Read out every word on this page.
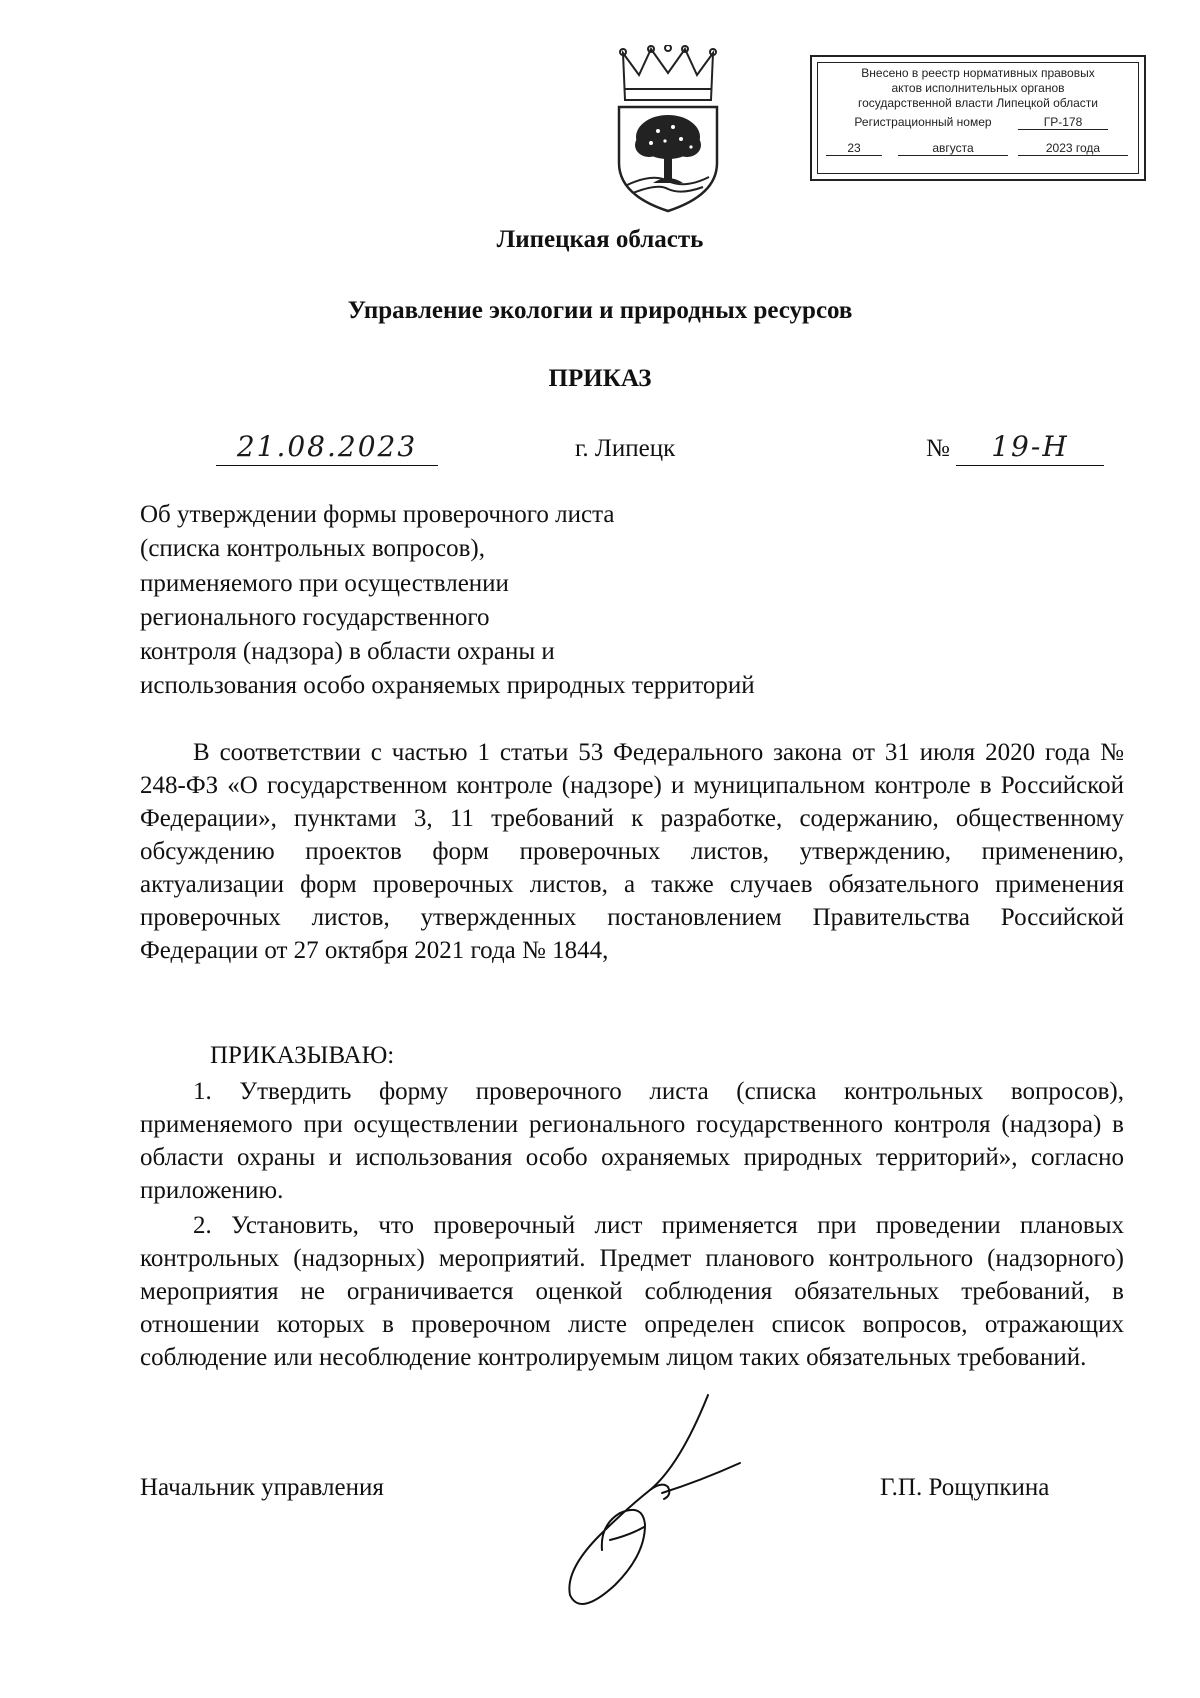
Внесено в реестр нормативных правовых
актов исполнительных органов
государственной власти Липецкой области
Регистрационный номер	ГР-178
23	августа	2023 года
Липецкая область
Управление экологии и природных ресурсов
ПРИКАЗ
21.08.2023	г. Липецк	№	19-Н
Об утверждении формы проверочного листа
(списка контрольных вопросов),
применяемого при осуществлении
регионального государственного
контроля (надзора) в области охраны и
использования особо охраняемых природных территорий

В соответствии с частью 1 статьи 53 Федерального закона от 31 июля 2020 года № 248-ФЗ «О государственном контроле (надзоре) и муниципальном контроле в Российской Федерации», пунктами 3, 11 требований к разработке, содержанию, общественному обсуждению проектов форм проверочных листов, утверждению, применению, актуализации форм проверочных листов, а также случаев обязательного применения проверочных листов, утвержденных постановлением Правительства Российской Федерации от 27 октября 2021 года № 1844,

ПРИКАЗЫВАЮ:

1. Утвердить форму проверочного листа (списка контрольных вопросов), применяемого при осуществлении регионального государственного контроля (надзора) в области охраны и использования особо охраняемых природных территорий», согласно приложению.

2. Установить, что проверочный лист применяется при проведении плановых контрольных (надзорных) мероприятий. Предмет планового контрольного (надзорного) мероприятия не ограничивается оценкой соблюдения обязательных требований, в отношении которых в проверочном листе определен список вопросов, отражающих соблюдение или несоблюдение контролируемым лицом таких обязательных требований.

Начальник управления	Г.П. Рощупкина
